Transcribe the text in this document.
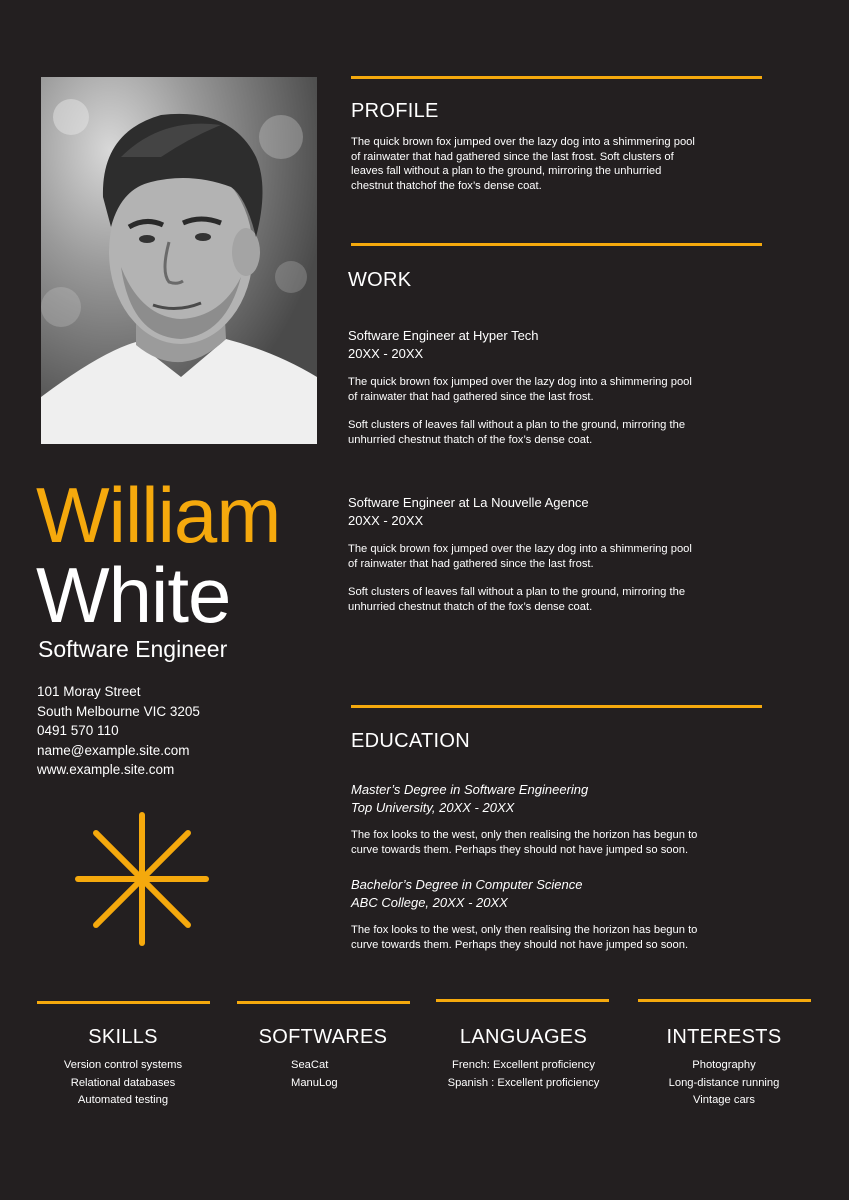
William
White
Software Engineer
101 Moray Street
South Melbourne VIC 3205
0491 570 110
name@example.site.com
www.example.site.com
PROFILE
The quick brown fox jumped over the lazy dog into a shimmering pool
of rainwater that had gathered since the last frost. Soft clusters of
leaves fall without a plan to the ground, mirroring the unhurried
chestnut thatchof the fox’s dense coat.
WORK
Software Engineer at Hyper Tech
20XX - 20XX
The quick brown fox jumped over the lazy dog into a shimmering pool
of rainwater that had gathered since the last frost.
Soft clusters of leaves fall without a plan to the ground, mirroring the
unhurried chestnut thatch of the fox’s dense coat.
Software Engineer at La Nouvelle Agence
20XX - 20XX
The quick brown fox jumped over the lazy dog into a shimmering pool
of rainwater that had gathered since the last frost.
Soft clusters of leaves fall without a plan to the ground, mirroring the
unhurried chestnut thatch of the fox’s dense coat.
EDUCATION
Master’s Degree in Software Engineering
Top University, 20XX - 20XX
The fox looks to the west, only then realising the horizon has begun to
curve towards them. Perhaps they should not have jumped so soon.
Bachelor’s Degree in Computer Science
ABC College, 20XX - 20XX
The fox looks to the west, only then realising the horizon has begun to
curve towards them. Perhaps they should not have jumped so soon.
SKILLS
Version control systems
Relational databases
Automated testing
SOFTWARES
SeaCat
ManuLog
LANGUAGES
French: Excellent proficiency
Spanish : Excellent proficiency
INTERESTS
Photography
Long-distance running
Vintage cars
